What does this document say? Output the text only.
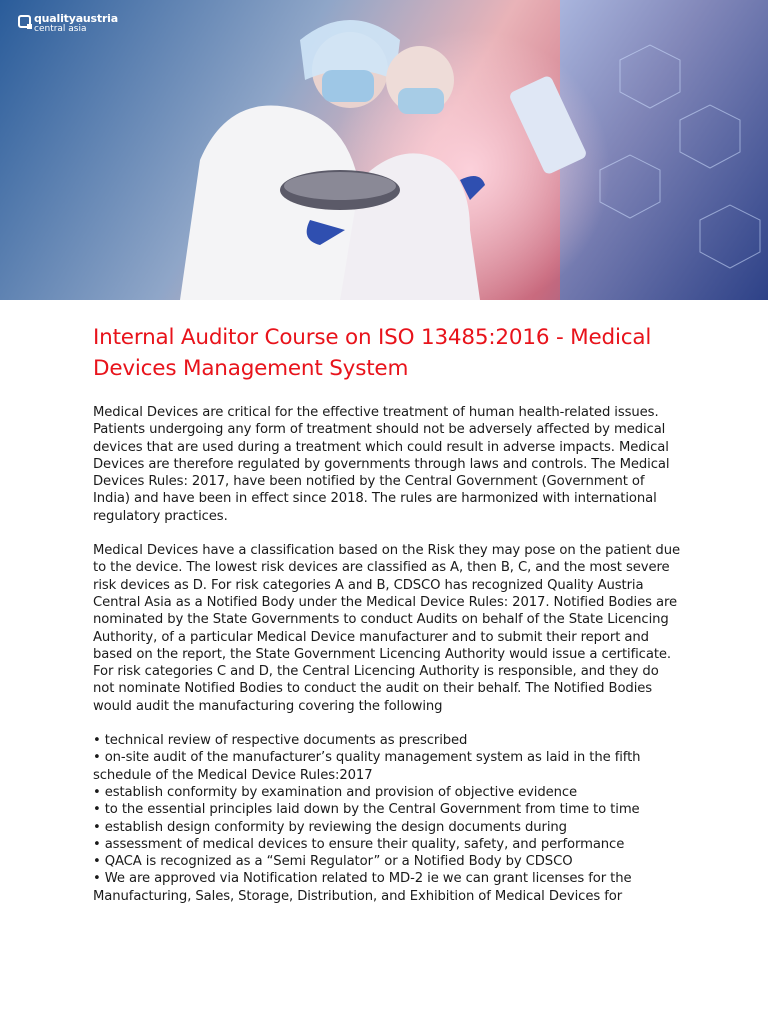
qualityaustria
central asia
Internal Auditor Course on ISO 13485:2016 - Medical Devices Management System

Medical Devices are critical for the effective treatment of human health-related issues. Patients undergoing any form of treatment should not be adversely affected by medical devices that are used during a treatment which could result in adverse impacts. Medical Devices are therefore regulated by governments through laws and controls. The Medical Devices Rules: 2017, have been notified by the Central Government (Government of India) and have been in effect since 2018. The rules are harmonized with international regulatory practices.

Medical Devices have a classification based on the Risk they may pose on the patient due to the device. The lowest risk devices are classified as A, then B, C, and the most severe risk devices as D. For risk categories A and B, CDSCO has recognized Quality Austria Central Asia as a Notified Body under the Medical Device Rules: 2017. Notified Bodies are nominated by the State Governments to conduct Audits on behalf of the State Licencing Authority, of a particular Medical Device manufacturer and to submit their report and based on the report, the State Government Licencing Authority would issue a certificate. For risk categories C and D, the Central Licencing Authority is responsible, and they do not nominate Notified Bodies to conduct the audit on their behalf. The Notified Bodies would audit the manufacturing covering the following

• technical review of respective documents as prescribed
• on-site audit of the manufacturer’s quality management system as laid in the fifth schedule of the Medical Device Rules:2017
• establish conformity by examination and provision of objective evidence
• to the essential principles laid down by the Central Government from time to time
• establish design conformity by reviewing the design documents during
• assessment of medical devices to ensure their quality, safety, and performance
• QACA is recognized as a “Semi Regulator” or a Notified Body by CDSCO
• We are approved via Notification related to MD-2 ie we can grant licenses for the Manufacturing, Sales, Storage, Distribution, and Exhibition of Medical Devices for
